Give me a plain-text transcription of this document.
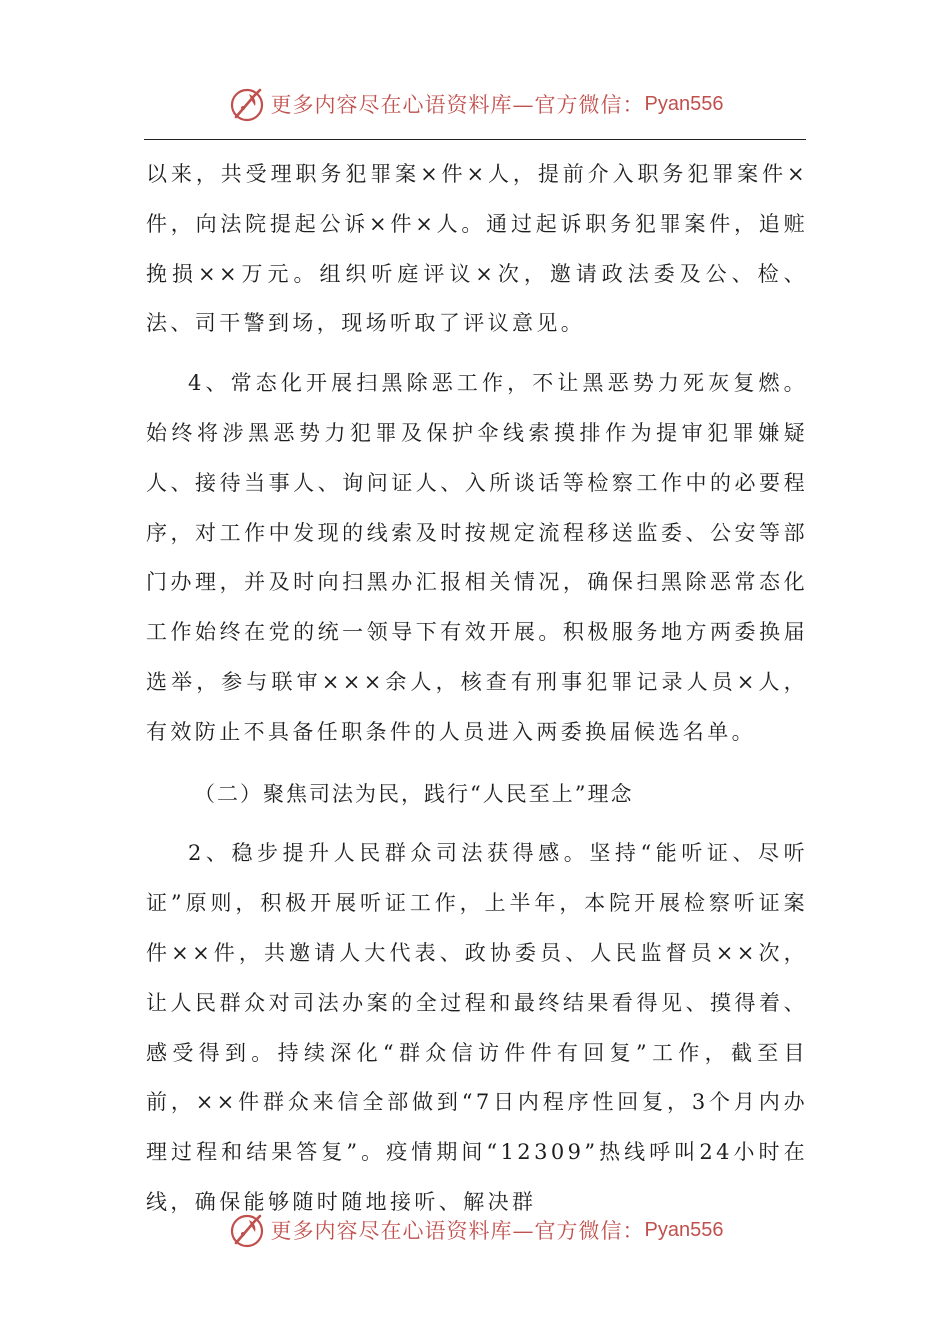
更多内容尽在心语资料库—官方微信： Pyan556

以来，共受理职务犯罪案×件×人，提前介入职务犯罪案件×件，向法院提起公诉×件×人。通过起诉职务犯罪案件，追赃挽损××万元。组织听庭评议×次，邀请政法委及公、检、法、司干警到场，现场听取了评议意见。

4、常态化开展扫黑除恶工作，不让黑恶势力死灰复燃。始终将涉黑恶势力犯罪及保护伞线索摸排作为提审犯罪嫌疑人、接待当事人、询问证人、入所谈话等检察工作中的必要程序，对工作中发现的线索及时按规定流程移送监委、公安等部门办理，并及时向扫黑办汇报相关情况，确保扫黑除恶常态化工作始终在党的统一领导下有效开展。积极服务地方两委换届选举，参与联审×××余人，核查有刑事犯罪记录人员×人，有效防止不具备任职条件的人员进入两委换届候选名单。

（二）聚焦司法为民，践行“人民至上”理念

2、稳步提升人民群众司法获得感。坚持“能听证、尽听证”原则，积极开展听证工作，上半年，本院开展检察听证案件××件，共邀请人大代表、政协委员、人民监督员××次，让人民群众对司法办案的全过程和最终结果看得见、摸得着、感受得到。持续深化“群众信访件件有回复”工作，截至目前，××件群众来信全部做到“7日内程序性回复，3个月内办理过程和结果答复”。疫情期间“12309”热线呼叫24小时在线，确保能够随时随地接听、解决群

更多内容尽在心语资料库—官方微信： Pyan556
